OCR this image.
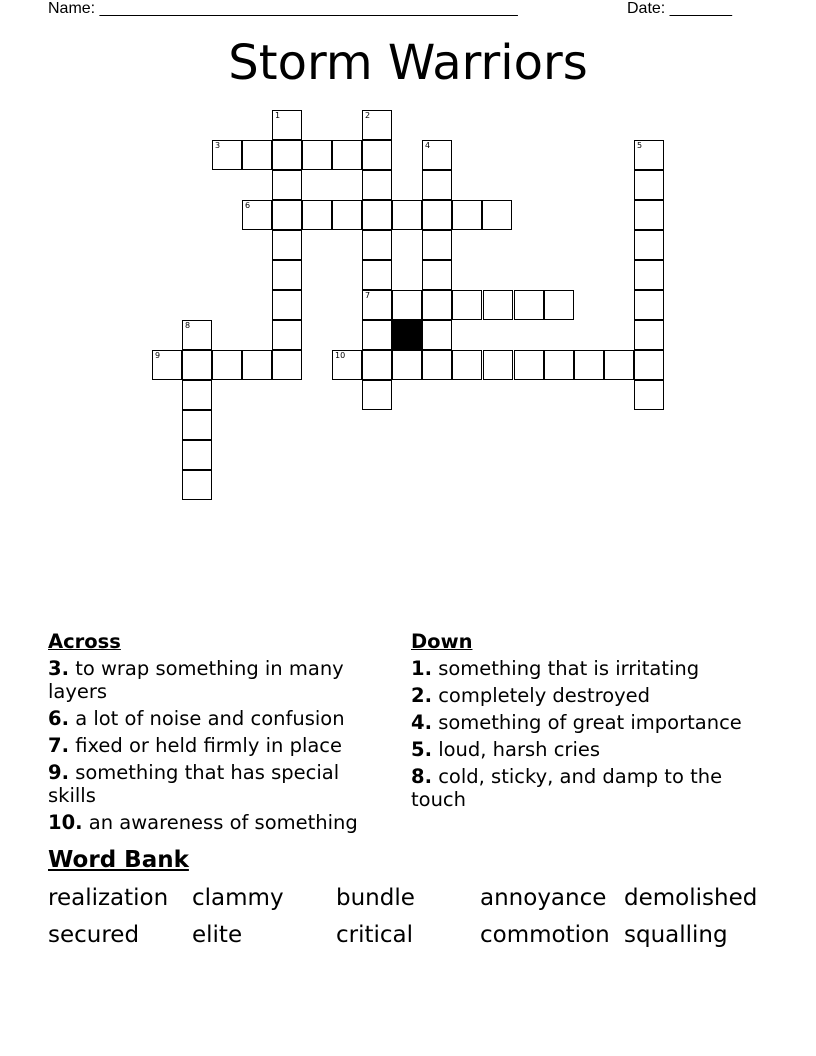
Name: _______________________________________________	Date: _______
Storm Warriors
1	2
3	4	5
6
7
8
9	10
Across
3. to wrap something in many layers
6. a lot of noise and confusion
7. fixed or held firmly in place
9. something that has special skills
10. an awareness of something
Down
1. something that is irritating
2. completely destroyed
4. something of great importance
5. loud, harsh cries
8. cold, sticky, and damp to the touch
Word Bank
realization clammy bundle	annoyance demolished
secured elite	critical	commotion squalling
